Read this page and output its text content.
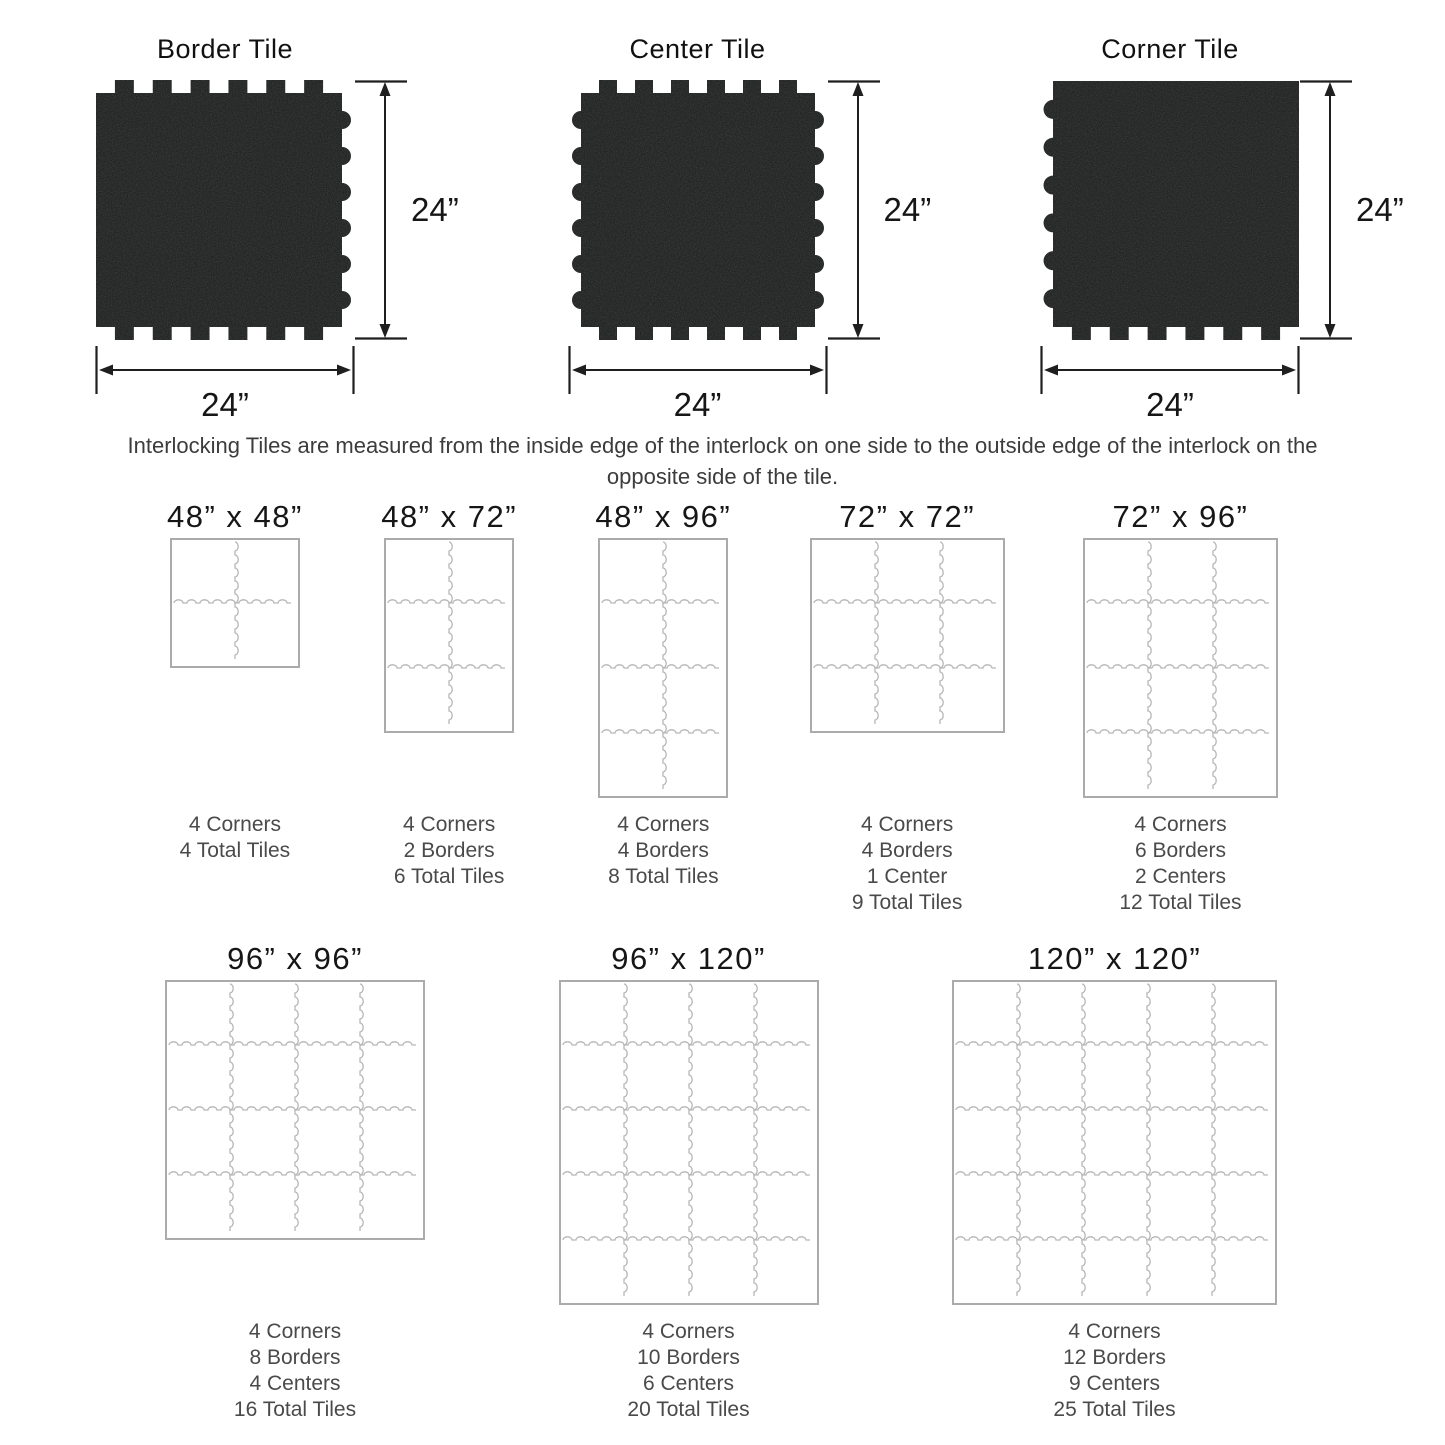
Border Tile
24”
24”
Center Tile
24”
24”
Corner Tile
24”
24”

Interlocking Tiles are measured from the inside edge of the interlock on one side to the outside edge of the interlock on the opposite side of the tile.

48” x 48”
4 Corners
4 Total Tiles
48” x 72”
4 Corners
2 Borders
6 Total Tiles
48” x 96”
4 Corners
4 Borders
8 Total Tiles
72” x 72”
4 Corners
4 Borders
1 Center
9 Total Tiles
72” x 96”
4 Corners
6 Borders
2 Centers
12 Total Tiles
96” x 96”
4 Corners
8 Borders
4 Centers
16 Total Tiles
96” x 120”
4 Corners
10 Borders
6 Centers
20 Total Tiles
120” x 120”
4 Corners
12 Borders
9 Centers
25 Total Tiles
